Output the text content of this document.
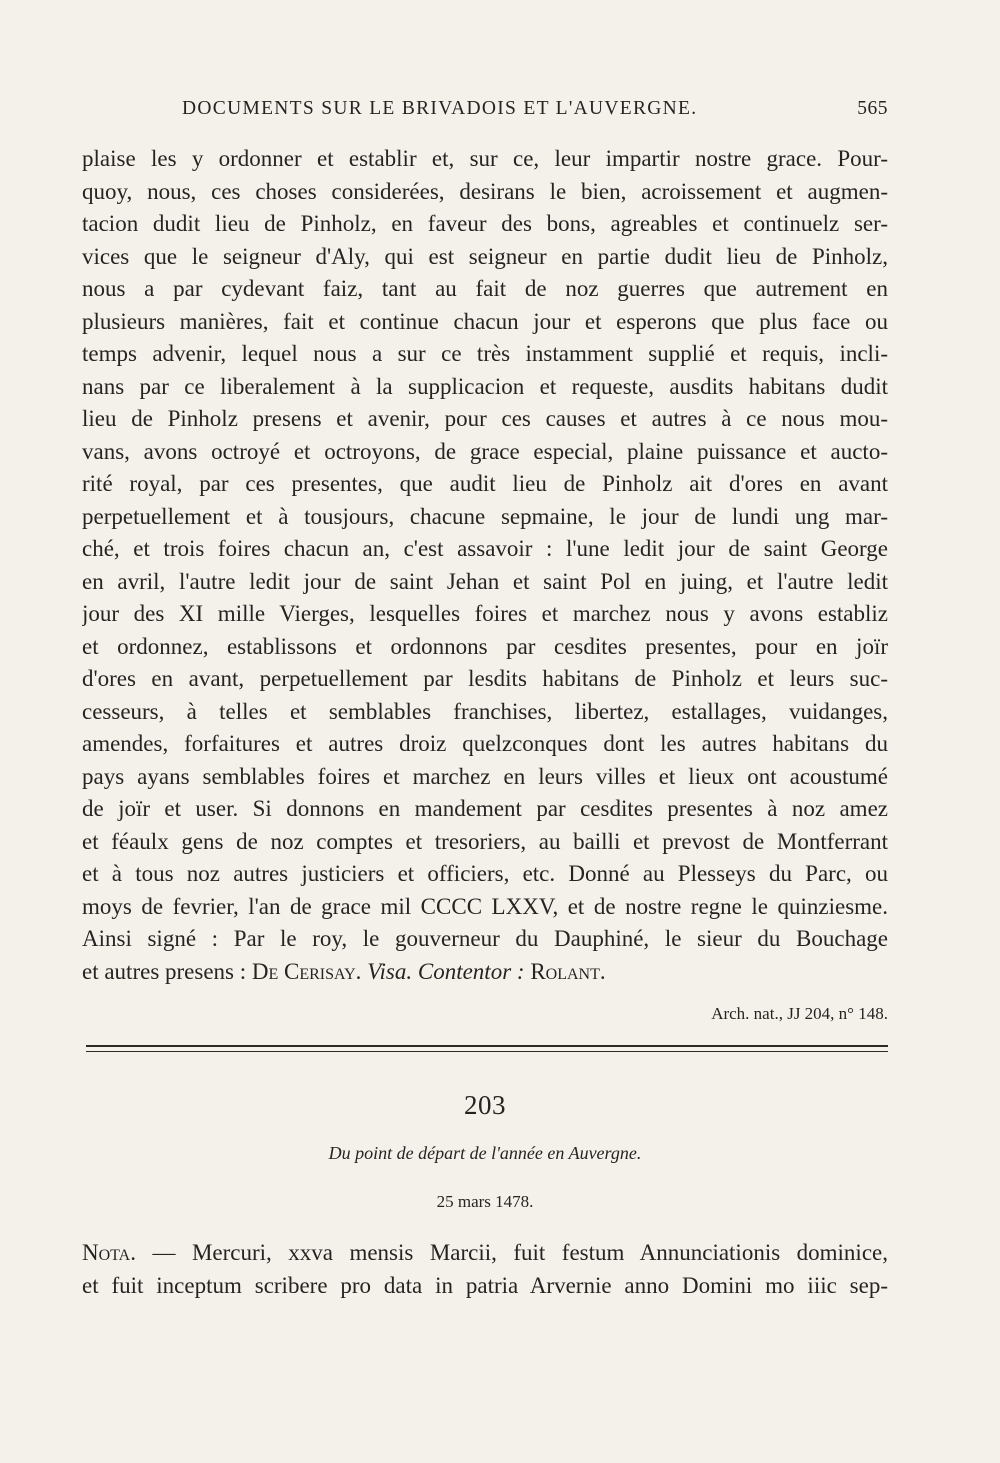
DOCUMENTS SUR LE BRIVADOIS ET L'AUVERGNE.	565
plaise les y ordonner et establir et, sur ce, leur impartir nostre grace. Pour-
quoy, nous, ces choses considerées, desirans le bien, acroissement et augmen-
tacion dudit lieu de Pinholz, en faveur des bons, agreables et continuelz ser-
vices que le seigneur d'Aly, qui est seigneur en partie dudit lieu de Pinholz,
nous a par cydevant faiz, tant au fait de noz guerres que autrement en
plusieurs manières, fait et continue chacun jour et esperons que plus face ou
temps advenir, lequel nous a sur ce très instamment supplié et requis, incli-
nans par ce liberalement à la supplicacion et requeste, ausdits habitans dudit
lieu de Pinholz presens et avenir, pour ces causes et autres à ce nous mou-
vans, avons octroyé et octroyons, de grace especial, plaine puissance et aucto-
rité royal, par ces presentes, que audit lieu de Pinholz ait d'ores en avant
perpetuellement et à tousjours, chacune sepmaine, le jour de lundi ung mar-
ché, et trois foires chacun an, c'est assavoir : l'une ledit jour de saint George
en avril, l'autre ledit jour de saint Jehan et saint Pol en juing, et l'autre ledit
jour des XI mille Vierges, lesquelles foires et marchez nous y avons establiz
et ordonnez, establissons et ordonnons par cesdites presentes, pour en joïr
d'ores en avant, perpetuellement par lesdits habitans de Pinholz et leurs suc-
cesseurs, à telles et semblables franchises, libertez, estallages, vuidanges,
amendes, forfaitures et autres droiz quelzconques dont les autres habitans du
pays ayans semblables foires et marchez en leurs villes et lieux ont acoustumé
de joïr et user. Si donnons en mandement par cesdites presentes à noz amez
et féaulx gens de noz comptes et tresoriers, au bailli et prevost de Montferrant
et à tous noz autres justiciers et officiers, etc. Donné au Plesseys du Parc, ou
moys de fevrier, l'an de grace mil CCCC LXXV, et de nostre regne le quinziesme.
Ainsi signé : Par le roy, le gouverneur du Dauphiné, le sieur du Bouchage
et autres presens : De Cerisay. Visa. Contentor : Rolant.
Arch. nat., JJ 204, n° 148.
203
Du point de départ de l'année en Auvergne.
25 mars 1478.
Nota. — Mercuri, xxva mensis Marcii, fuit festum Annunciationis dominice,
et fuit inceptum scribere pro data in patria Arvernie anno Domini mo iiic sep-
